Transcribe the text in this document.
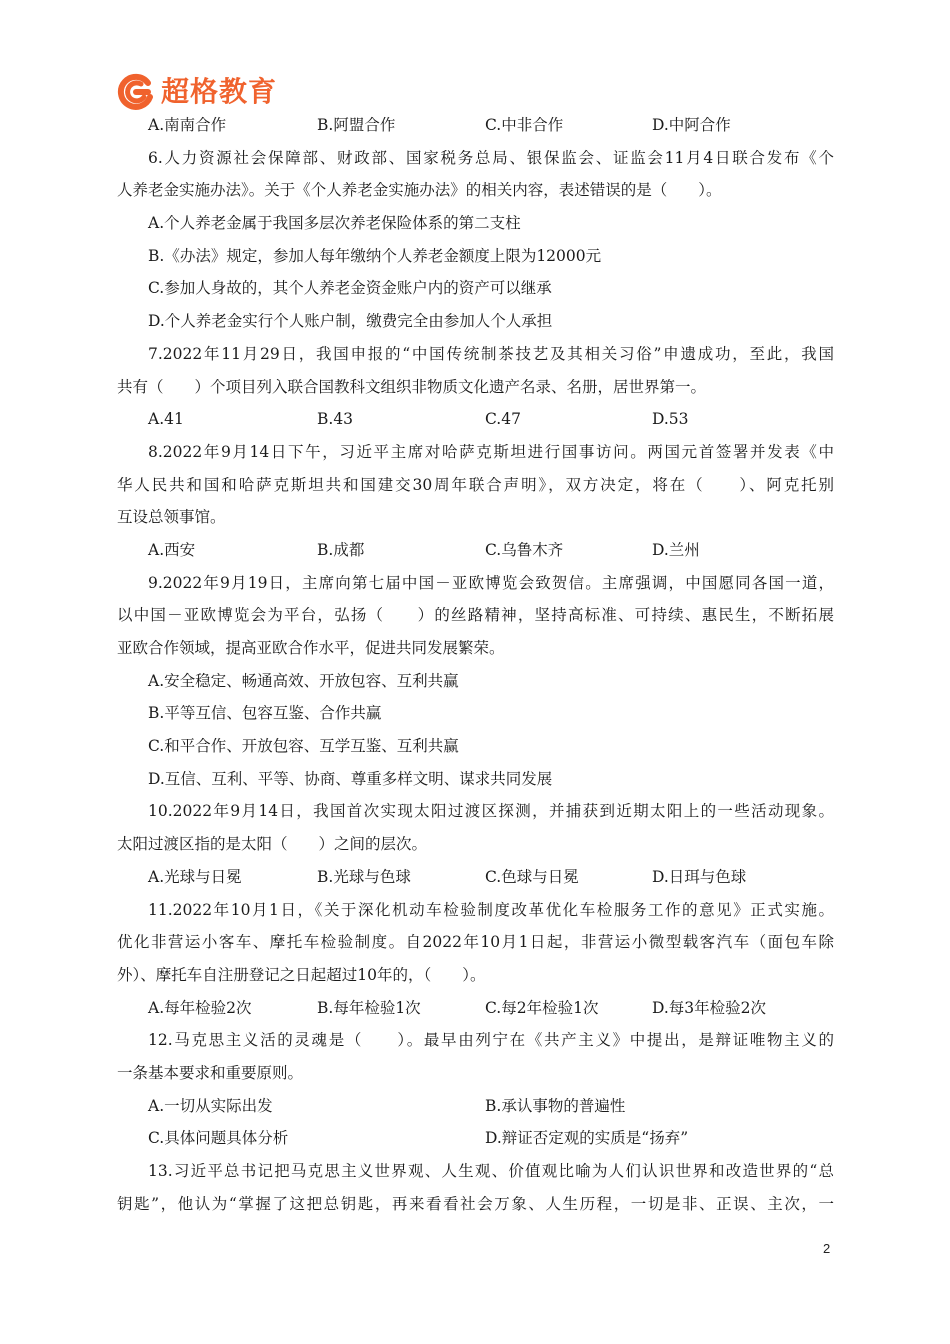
超格教育
A.南南合作	B.阿盟合作	C.中非合作	D.中阿合作
6.人力资源社会保障部、财政部、国家税务总局、银保监会、证监会11月4日联合发布《个
人养老金实施办法》。关于《个人养老金实施办法》的相关内容，表述错误的是（　　）。
A.个人养老金属于我国多层次养老保险体系的第二支柱
B.《办法》规定，参加人每年缴纳个人养老金额度上限为12000元
C.参加人身故的，其个人养老金资金账户内的资产可以继承
D.个人养老金实行个人账户制，缴费完全由参加人个人承担
7.2022年11月29日，我国申报的“中国传统制茶技艺及其相关习俗”申遗成功，至此，我国
共有（　　）个项目列入联合国教科文组织非物质文化遗产名录、名册，居世界第一。
A.41	B.43	C.47	D.53
8.2022年9月14日下午，习近平主席对哈萨克斯坦进行国事访问。两国元首签署并发表《中
华人民共和国和哈萨克斯坦共和国建交30周年联合声明》，双方决定，将在（　　）、阿克托别
互设总领事馆。
A.西安	B.成都	C.乌鲁木齐	D.兰州
9.2022年9月19日，主席向第七届中国－亚欧博览会致贺信。主席强调，中国愿同各国一道，
以中国－亚欧博览会为平台，弘扬（　　）的丝路精神，坚持高标准、可持续、惠民生，不断拓展
亚欧合作领域，提高亚欧合作水平，促进共同发展繁荣。
A.安全稳定、畅通高效、开放包容、互利共赢
B.平等互信、包容互鉴、合作共赢
C.和平合作、开放包容、互学互鉴、互利共赢
D.互信、互利、平等、协商、尊重多样文明、谋求共同发展
10.2022年9月14日，我国首次实现太阳过渡区探测，并捕获到近期太阳上的一些活动现象。
太阳过渡区指的是太阳（　　）之间的层次。
A.光球与日冕	B.光球与色球	C.色球与日冕	D.日珥与色球
11.2022年10月1日，《关于深化机动车检验制度改革优化车检服务工作的意见》正式实施。
优化非营运小客车、摩托车检验制度。自2022年10月1日起，非营运小微型载客汽车（面包车除
外）、摩托车自注册登记之日起超过10年的，（　　）。
A.每年检验2次	B.每年检验1次	C.每2年检验1次	D.每3年检验2次
12.马克思主义活的灵魂是（　　）。最早由列宁在《共产主义》中提出，是辩证唯物主义的
一条基本要求和重要原则。
A.一切从实际出发	B.承认事物的普遍性
C.具体问题具体分析	D.辩证否定观的实质是“扬弃”
13.习近平总书记把马克思主义世界观、人生观、价值观比喻为人们认识世界和改造世界的“总
钥匙”，他认为“掌握了这把总钥匙，再来看看社会万象、人生历程，一切是非、正误、主次，一
2
